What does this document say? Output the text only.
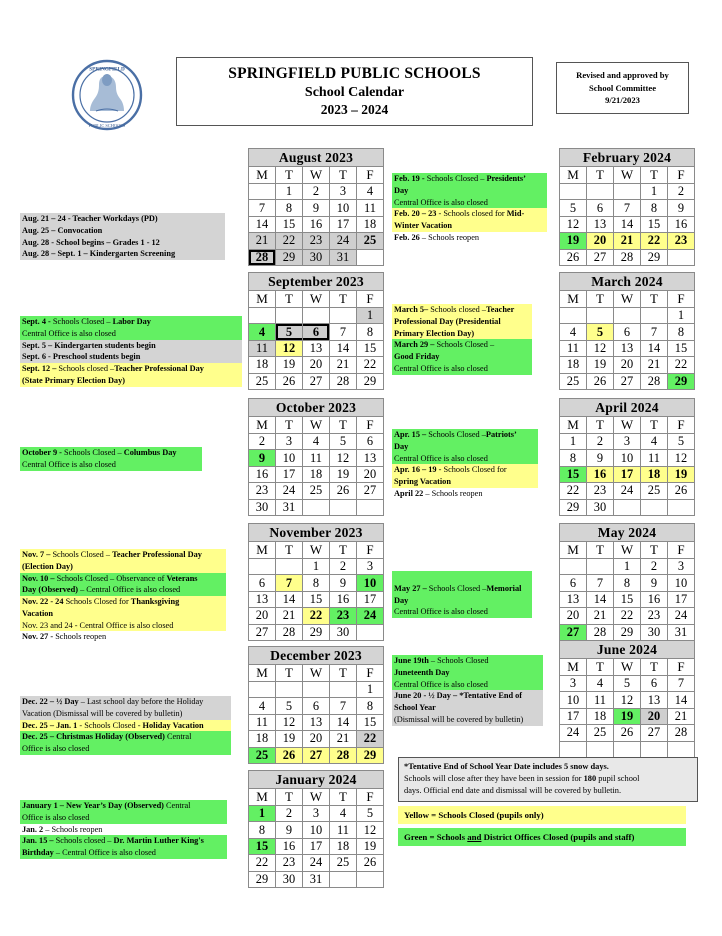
SPRINGFIELD
PUBLIC SCHOOLS
SPRINGFIELD PUBLIC SCHOOLS
School Calendar
2023 – 2024
Revised and approved by
School Committee
9/21/2023
August 2023				
M	T	W	T	F
	1	2	3	4
7	8	9	10	11
14	15	16	17	18
21	22	23	24	25
28	29	30	31	
September 2023				
M	T	W	T	F
				1
4	5	6	7	8
11	12	13	14	15
18	19	20	21	22
25	26	27	28	29
October 2023				
M	T	W	T	F
2	3	4	5	6
9	10	11	12	13
16	17	18	19	20
23	24	25	26	27
30	31			
November 2023				
M	T	W	T	F
		1	2	3
6	7	8	9	10
13	14	15	16	17
20	21	22	23	24
27	28	29	30	
December 2023				
M	T	W	T	F
				1
4	5	6	7	8
11	12	13	14	15
18	19	20	21	22
25	26	27	28	29
January 2024				
M	T	W	T	F
1	2	3	4	5
8	9	10	11	12
15	16	17	18	19
22	23	24	25	26
29	30	31		
February 2024				
M	T	W	T	F
			1	2
5	6	7	8	9
12	13	14	15	16
19	20	21	22	23
26	27	28	29	
March 2024				
M	T	W	T	F
				1
4	5	6	7	8
11	12	13	14	15
18	19	20	21	22
25	26	27	28	29
April 2024				
M	T	W	T	F
1	2	3	4	5
8	9	10	11	12
15	16	17	18	19
22	23	24	25	26
29	30			
May 2024				
M	T	W	T	F
		1	2	3
6	7	8	9	10
13	14	15	16	17
20	21	22	23	24
27	28	29	30	31
June 2024				
M	T	W	T	F
3	4	5	6	7
10	11	12	13	14
17	18	19	20	21
24	25	26	27	28

Aug. 21 – 24 - Teacher Workdays (PD)
Aug. 25 – Convocation
Aug. 28 - School begins – Grades 1 - 12
Aug. 28 – Sept. 1 – Kindergarten Screening
Sept. 4 - Schools Closed – Labor Day
Central Office is also closed
Sept. 5 – Kindergarten students begin
Sept. 6 - Preschool students begin
Sept. 12 – Schools closed –Teacher Professional Day
(State Primary Election Day)
October 9 - Schools Closed – Columbus Day
Central Office is also closed
Nov. 7 – Schools Closed – Teacher Professional Day
(Election Day)
Nov. 10 – Schools Closed – Observance of Veterans
Day (Observed) – Central Office is also closed
Nov. 22 - 24 Schools Closed for Thanksgiving
Vacation
Nov. 23 and 24 - Central Office is also closed
Nov. 27 - Schools reopen
Dec. 22 – ½ Day – Last school day before the Holiday
Vacation (Dismissal will be covered by bulletin)
Dec. 25 – Jan. 1 - Schools Closed - Holiday Vacation
Dec. 25 – Christmas Holiday (Observed) Central
Office is also closed
January 1 – New Year’s Day (Observed) Central
Office is also closed
Jan. 2 – Schools reopen
Jan. 15 – Schools closed – Dr. Martin Luther King's
Birthday – Central Office is also closed
Feb. 19 - Schools Closed – Presidents’
Day
Central Office is also closed
Feb. 20 – 23 - Schools closed for Mid-
Winter Vacation
Feb. 26 – Schools reopen
March 5– Schools closed –Teacher
Professional Day (Presidential
Primary Election Day)
March 29 – Schools Closed –
Good Friday
Central Office is also closed
Apr. 15 – Schools Closed –Patriots’
Day
Central Office is also closed
Apr. 16 – 19 - Schools Closed for
Spring Vacation
April 22 – Schools reopen

May 27 – Schools Closed –Memorial
Day
Central Office is also closed
June 19th – Schools Closed
Juneteenth Day
Central Office is also closed
June 20 - ½ Day – *Tentative End of
School Year
(Dismissal will be covered by bulletin)
*Tentative End of School Year Date includes 5 snow days.
Schools will close after they have been in session for 180 pupil school
days. Official end date and dismissal will be covered by bulletin.
Yellow = Schools Closed (pupils only)
Green = Schools and District Offices Closed (pupils and staff)
